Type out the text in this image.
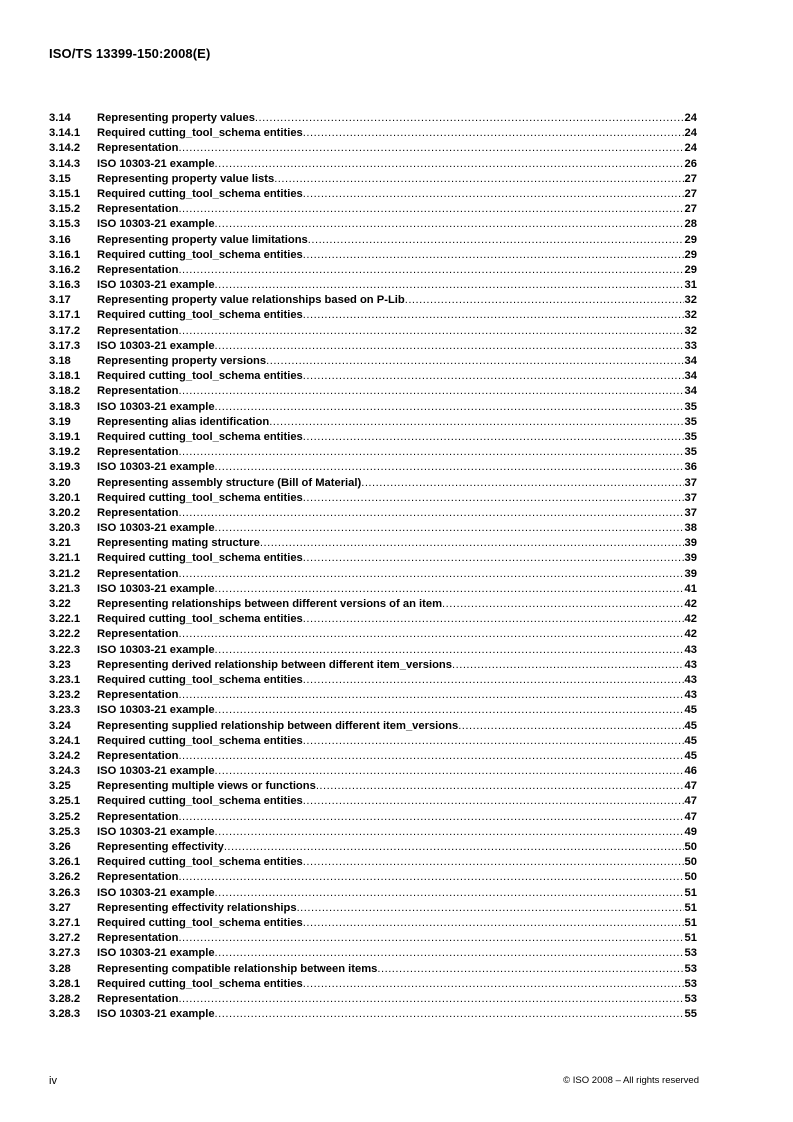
ISO/TS 13399-150:2008(E)
3.14	Representing property values .....	24
3.14.1	Required cutting_tool_schema entities .....	24
3.14.2	Representation .....	24
3.14.3	ISO 10303-21 example .....	26
3.15	Representing property value lists .....	27
3.15.1	Required cutting_tool_schema entities .....	27
3.15.2	Representation .....	27
3.15.3	ISO 10303-21 example .....	28
3.16	Representing property value limitations .....	29
3.16.1	Required cutting_tool_schema entities .....	29
3.16.2	Representation .....	29
3.16.3	ISO 10303-21 example .....	31
3.17	Representing property value relationships based on P-Lib .....	32
3.17.1	Required cutting_tool_schema entities .....	32
3.17.2	Representation .....	32
3.17.3	ISO 10303-21 example .....	33
3.18	Representing property versions .....	34
3.18.1	Required cutting_tool_schema entities .....	34
3.18.2	Representation .....	34
3.18.3	ISO 10303-21 example .....	35
3.19	Representing alias identification .....	35
3.19.1	Required cutting_tool_schema entities .....	35
3.19.2	Representation .....	35
3.19.3	ISO 10303-21 example .....	36
3.20	Representing assembly structure (Bill of Material) .....	37
3.20.1	Required cutting_tool_schema entities .....	37
3.20.2	Representation .....	37
3.20.3	ISO 10303-21 example .....	38
3.21	Representing mating structure .....	39
3.21.1	Required cutting_tool_schema entities .....	39
3.21.2	Representation .....	39
3.21.3	ISO 10303-21 example .....	41
3.22	Representing relationships between different versions of an item .....	42
3.22.1	Required cutting_tool_schema entities .....	42
3.22.2	Representation .....	42
3.22.3	ISO 10303-21 example .....	43
3.23	Representing derived relationship between different item_versions .....	43
3.23.1	Required cutting_tool_schema entities .....	43
3.23.2	Representation .....	43
3.23.3	ISO 10303-21 example .....	45
3.24	Representing supplied relationship between different item_versions .....	45
3.24.1	Required cutting_tool_schema entities .....	45
3.24.2	Representation .....	45
3.24.3	ISO 10303-21 example .....	46
3.25	Representing multiple views or functions .....	47
3.25.1	Required cutting_tool_schema entities .....	47
3.25.2	Representation .....	47
3.25.3	ISO 10303-21 example .....	49
3.26	Representing effectivity .....	50
3.26.1	Required cutting_tool_schema entities .....	50
3.26.2	Representation .....	50
3.26.3	ISO 10303-21 example .....	51
3.27	Representing effectivity relationships .....	51
3.27.1	Required cutting_tool_schema entities .....	51
3.27.2	Representation .....	51
3.27.3	ISO 10303-21 example .....	53
3.28	Representing compatible relationship between items .....	53
3.28.1	Required cutting_tool_schema entities .....	53
3.28.2	Representation .....	53
3.28.3	ISO 10303-21 example .....	55
iv	© ISO 2008 – All rights reserved
